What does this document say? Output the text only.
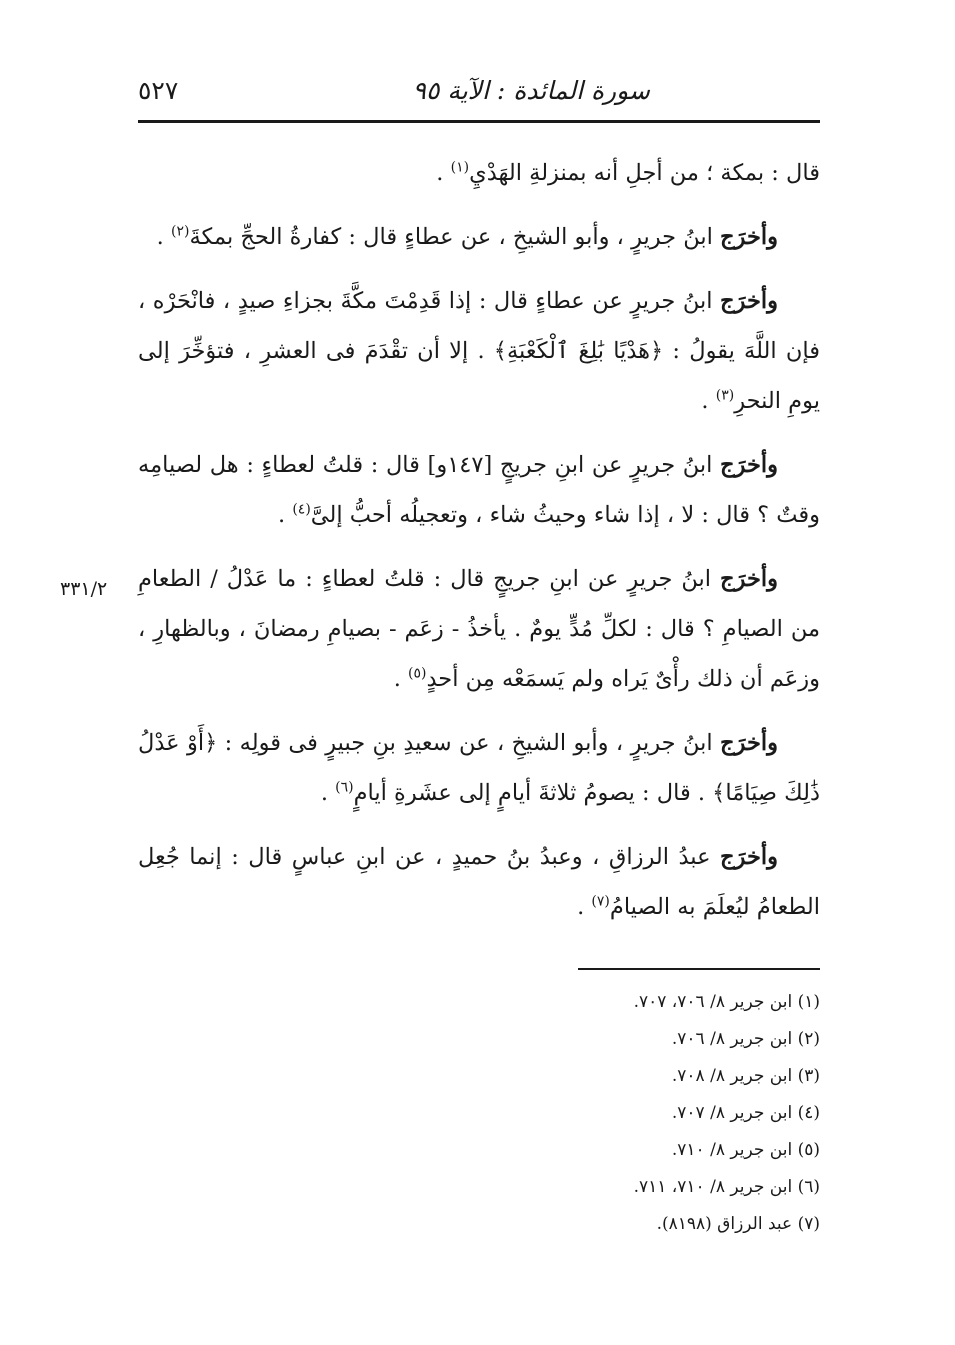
سورة المائدة : الآية ٩٥
٥٢٧
٣٣١/٢

قال : بمكة ؛ من أجلِ أنه بمنزلةِ الهَدْيِ$^{(١)}$ .

وأخرَج ابنُ جريرٍ ، وأبو الشيخِ ، عن عطاءٍ قال : كفارةُ الحجِّ بمكةَ$^{(٢)}$ .

وأخرَج ابنُ جريرٍ عن عطاءٍ قال : إذا قَدِمْتَ مكَّةَ بجزاءِ صيدٍ ، فانْحَرْه ، فإن اللَّهَ يقولُ : ﴿هَدْيًا بَٰلِغَ ٱلْكَعْبَةِ﴾ . إلا أن تقْدَمَ فى العشرِ ، فتؤخِّرَ إلى يومِ النحرِ$^{(٣)}$ .

وأخرَج ابنُ جريرٍ عن ابنِ جريجٍ [١٤٧و] قال : قلتُ لعطاءٍ : هل لصيامِه وقتٌ ؟ قال : لا ، إذا شاء وحيثُ شاء ، وتعجيلُه أحبُّ إلىَّ$^{(٤)}$ .

وأخرَج ابنُ جريرٍ عن ابنِ جريجٍ قال : قلتُ لعطاءٍ : ما عَدْلُ / الطعامِ من الصيامِ ؟ قال : لكلِّ مُدٍّ يومٌ . يأخذُ - زعَم - بصيامِ رمضانَ ، وبالظهارِ ، وزعَم أن ذلك رأْىٌ يَراه ولم يَسمَعْه مِن أحدٍ$^{(٥)}$ .

وأخرَج ابنُ جريرٍ ، وأبو الشيخِ ، عن سعيدِ بنِ جبيرٍ فى قولِه : ﴿أَوْ عَدْلُ ذَٰلِكَ صِيَامًا﴾ . قال : يصومُ ثلاثةَ أيامٍ إلى عشَرةِ أيامٍ$^{(٦)}$ .

وأخرَج عبدُ الرزاقِ ، وعبدُ بنُ حميدٍ ، عن ابنِ عباسٍ قال : إنما جُعِل الطعامُ ليُعلَمَ به الصيامُ$^{(٧)}$ .

(١) ابن جرير ٨/ ٧٠٦، ٧٠٧.

(٢) ابن جرير ٨/ ٧٠٦.

(٣) ابن جرير ٨/ ٧٠٨.

(٤) ابن جرير ٨/ ٧٠٧.

(٥) ابن جرير ٨/ ٧١٠.

(٦) ابن جرير ٨/ ٧١٠، ٧١١.

(٧) عبد الرزاق (٨١٩٨).
